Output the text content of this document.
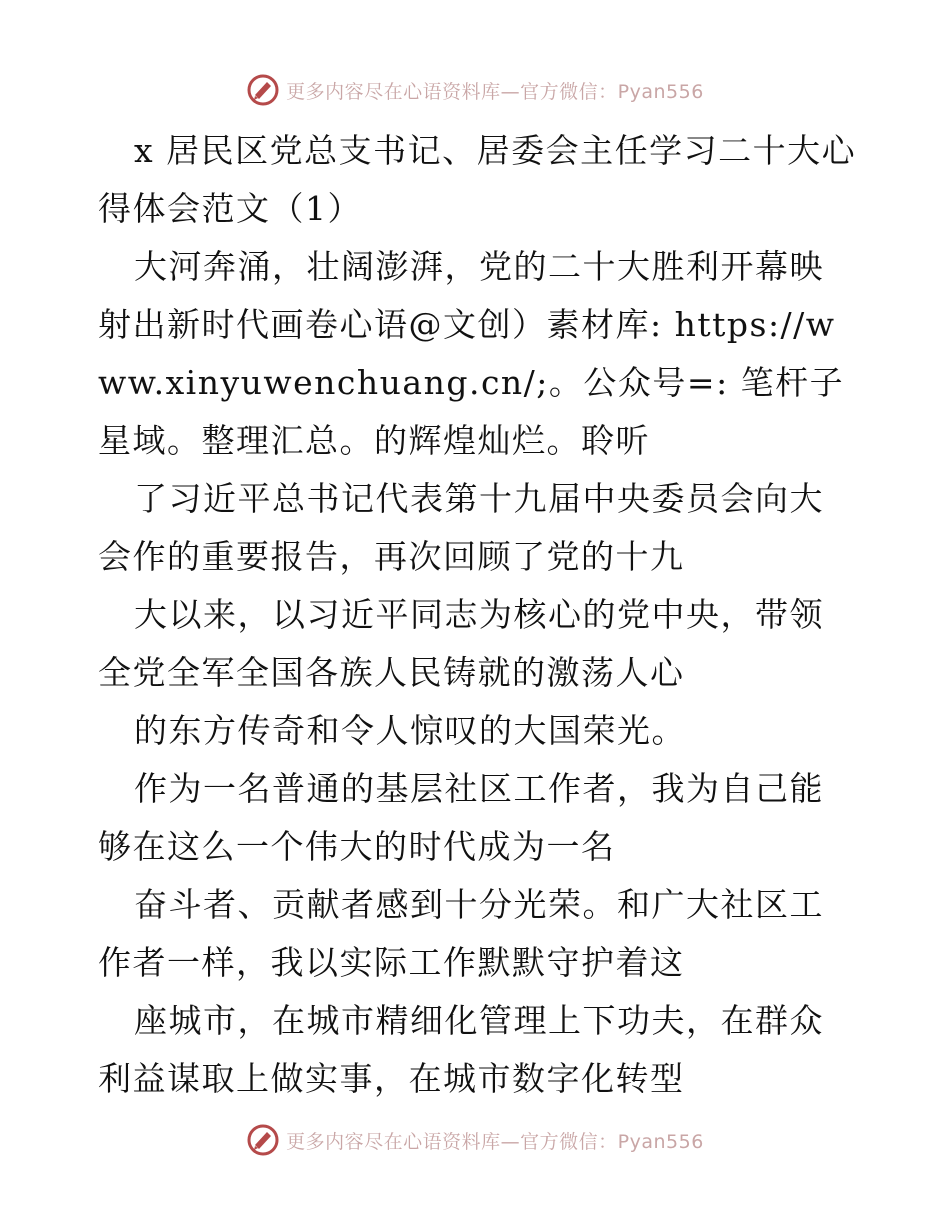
更多内容尽在心语资料库—官方微信：Pyan556

x 居民区党总支书记、居委会主任学习二十大心得体会范文（1）

大河奔涌，壮阔澎湃，党的二十大胜利开幕映射出新时代画卷心语@文创）素材库: https://www.xinyuwenchuang.cn/;。公众号=: 笔杆子星域。整理汇总。的辉煌灿烂。聆听

了习近平总书记代表第十九届中央委员会向大会作的重要报告，再次回顾了党的十九

大以来，以习近平同志为核心的党中央，带领全党全军全国各族人民铸就的激荡人心

的东方传奇和令人惊叹的大国荣光。

作为一名普通的基层社区工作者，我为自己能够在这么一个伟大的时代成为一名

奋斗者、贡献者感到十分光荣。和广大社区工作者一样，我以实际工作默默守护着这

座城市，在城市精细化管理上下功夫，在群众利益谋取上做实事，在城市数字化转型

更多内容尽在心语资料库—官方微信：Pyan556
